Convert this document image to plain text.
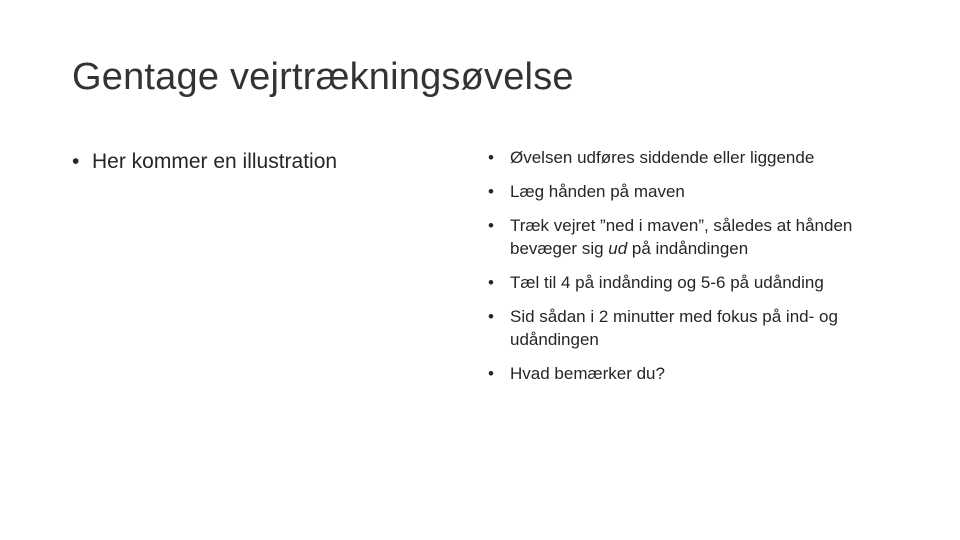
Gentage vejrtrækningsøvelse
• Her kommer en illustration	• Øvelsen udføres siddende eller liggende
• Læg hånden på maven
• Træk vejret ”ned i maven”, således at hånden bevæger sig ud på indåndingen
• Tæl til 4 på indånding og 5-6 på udånding
• Sid sådan i 2 minutter med fokus på ind- og udåndingen
• Hvad bemærker du?
